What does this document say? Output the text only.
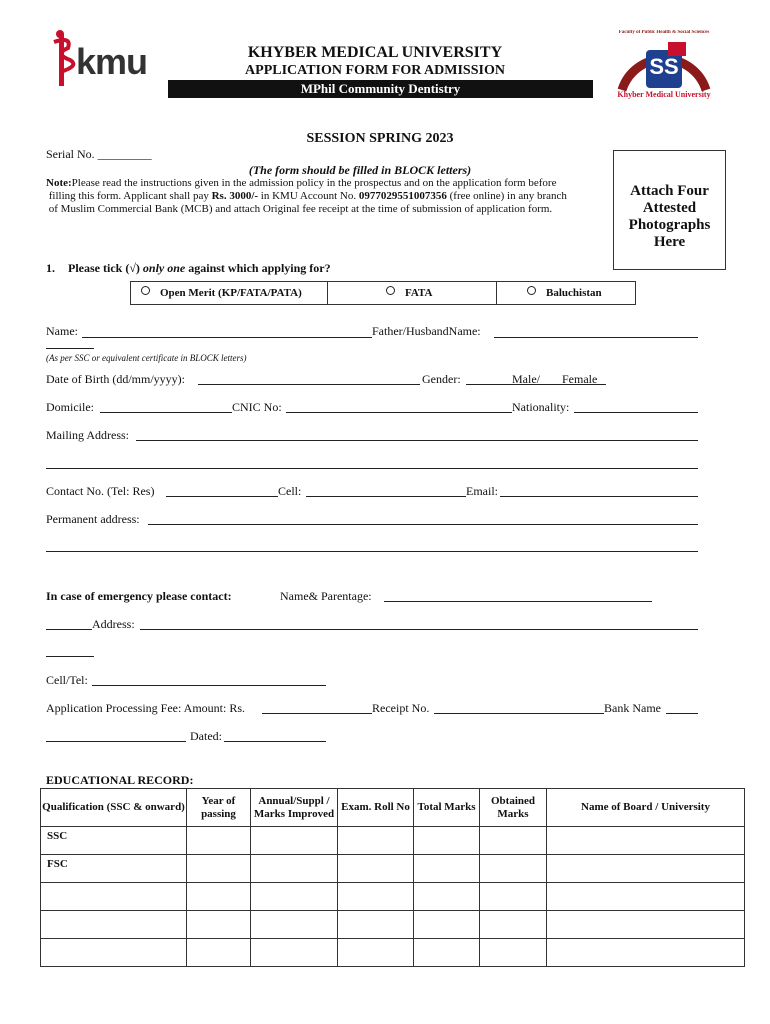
kmu	KHYBER MEDICAL UNIVERSITY
APPLICATION FORM FOR ADMISSION
MPhil Community Dentistry
SS
Faculty of Public Health & Social Sciences
Khyber Medical University
SESSION SPRING 2023
Serial No. _________
(The form should be filled in BLOCK letters)
Note:Please read the instructions given in the admission policy in the prospectus and on the application form before
filling this form. Applicant shall pay Rs. 3000/- in KMU Account No. 0977029551007356 (free online) in any branch
of Muslim Commercial Bank (MCB) and attach Original fee receipt at the time of submission of application form.
Attach Four
Attested
Photographs
Here
1. Please tick (√) only one against which applying for?
Open Merit (KP/FATA/PATA)	FATA	Baluchistan
Name:	Father/HusbandName:
(As per SSC or equivalent certificate in BLOCK letters)
Date of Birth (dd/mm/yyyy):	Gender:	Male/ Female
Domicile:	CNIC No:	Nationality:
Mailing Address:
Contact No. (Tel: Res)	Cell:	Email:
Permanent address:
In case of emergency please contact:	Name& Parentage:
Address:
Cell/Tel:
Application Processing Fee: Amount: Rs.	Receipt No.	Bank Name
Dated:
EDUCATIONAL RECORD:
Qualification (SSC & onward)	Year of passing	Annual/Suppl / Marks Improved	Exam. Roll No	Total Marks	Obtained Marks	Name of Board / University
SSC						
FSC						
